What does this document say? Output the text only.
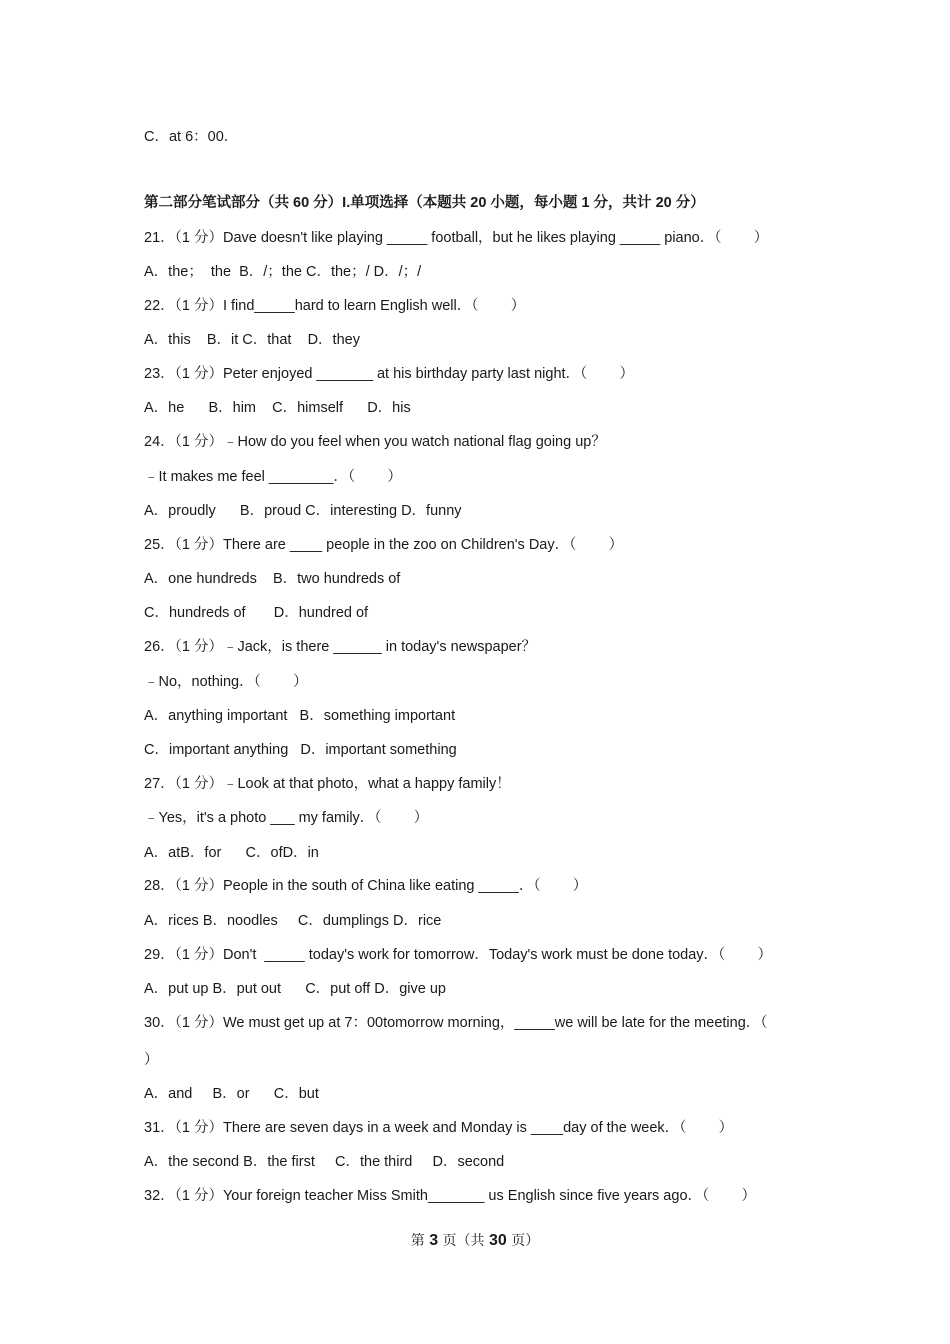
C．at 6：00．
第二部分笔试部分（共 60 分）I.单项选择（本题共 20 小题，每小题 1 分，共计 20 分）
21．（1 分）Dave doesn't like playing _____ football，but he likes playing _____ piano．（        ）
A．the；  the  B．/；the C．the；/ D．/；/
22．（1 分）I find_____hard to learn English well．（        ）
A．this    B．it C．that    D．they
23．（1 分）Peter enjoyed _______ at his birthday party last night．（        ）
A．he      B．him    C．himself      D．his
24．（1 分）﹣How do you feel when you watch national flag going up？
﹣It makes me feel ________．（        ）
A．proudly      B．proud C．interesting D．funny
25．（1 分）There are ____ people in the zoo on Children's Day．（        ）
A．one hundreds    B．two hundreds of
C．hundreds of       D．hundred of
26．（1 分）﹣Jack，is there ______ in today's newspaper？
﹣No，nothing．（        ）
A．anything important   B．something important
C．important anything   D．important something
27．（1 分）﹣Look at that photo，what a happy family！
﹣Yes，it's a photo ___ my family．（        ）
A．atB．for      C．ofD．in
28．（1 分）People in the south of China like eating _____．（        ）
A．rices B．noodles     C．dumplings D．rice
29．（1 分）Don't  _____ today's work for tomorrow．Today's work must be done today．（        ）
A．put up B．put out      C．put off D．give up
30．（1 分）We must get up at 7：00tomorrow morning，_____we will be late for the meeting．（
）
A．and     B．or      C．but
31．（1 分）There are seven days in a week and Monday is ____day of the week．（        ）
A．the second B．the first     C．the third     D．second
32．（1 分）Your foreign teacher Miss Smith_______ us English since five years ago．（        ）
第 3 页（共 30 页）
